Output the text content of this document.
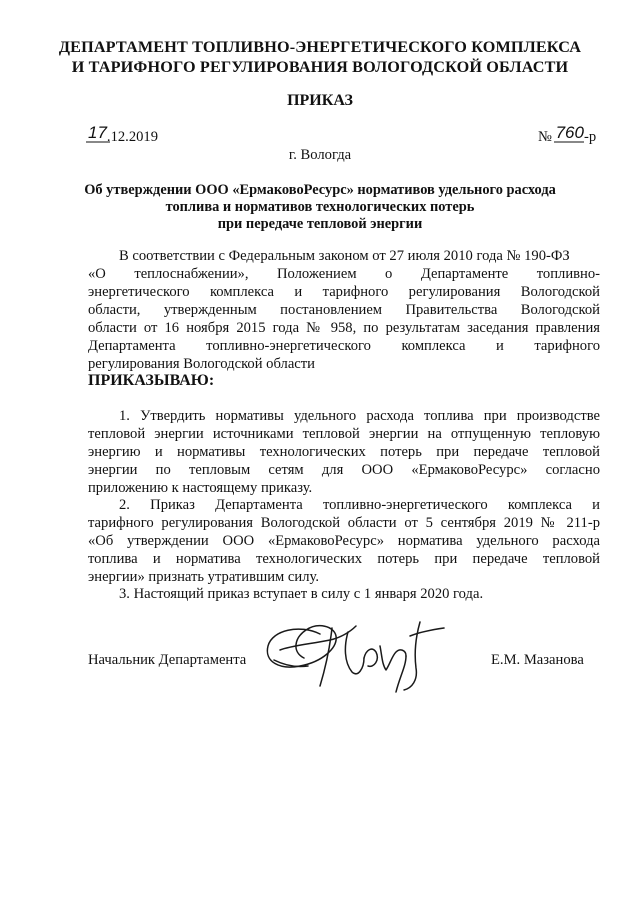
ДЕПАРТАМЕНТ ТОПЛИВНО-ЭНЕРГЕТИЧЕСКОГО КОМПЛЕКСА
И ТАРИФНОГО РЕГУЛИРОВАНИЯ ВОЛОГОДСКОЙ ОБЛАСТИ
ПРИКАЗ
17.12.2019	№ 760-р
г. Вологда
Об утверждении ООО «ЕрмаковоРесурс» нормативов удельного расхода
топлива и нормативов технологических потерь
при передаче тепловой энергии
В соответствии с Федеральным законом от 27 июля 2010 года № 190-ФЗ
«О теплоснабжении», Положением о Департаменте топливно-
энергетического комплекса и тарифного регулирования Вологодской
области, утвержденным постановлением Правительства Вологодской
области от 16 ноября 2015 года № 958, по результатам заседания правления
Департамента топливно-энергетического комплекса и тарифного
регулирования Вологодской области
ПРИКАЗЫВАЮ:
1. Утвердить нормативы удельного расхода топлива при производстве
тепловой энергии источниками тепловой энергии на отпущенную тепловую
энергию и нормативы технологических потерь при передаче тепловой
энергии по тепловым сетям для ООО «ЕрмаковоРесурс» согласно
приложению к настоящему приказу.
2. Приказ Департамента топливно-энергетического комплекса и
тарифного регулирования Вологодской области от 5 сентября 2019 № 211-р
«Об утверждении ООО «ЕрмаковоРесурс» норматива удельного расхода
топлива и норматива технологических потерь при передаче тепловой
энергии» признать утратившим силу.
3. Настоящий приказ вступает в силу с 1 января 2020 года.
Начальник Департамента	Е.М. Мазанова
